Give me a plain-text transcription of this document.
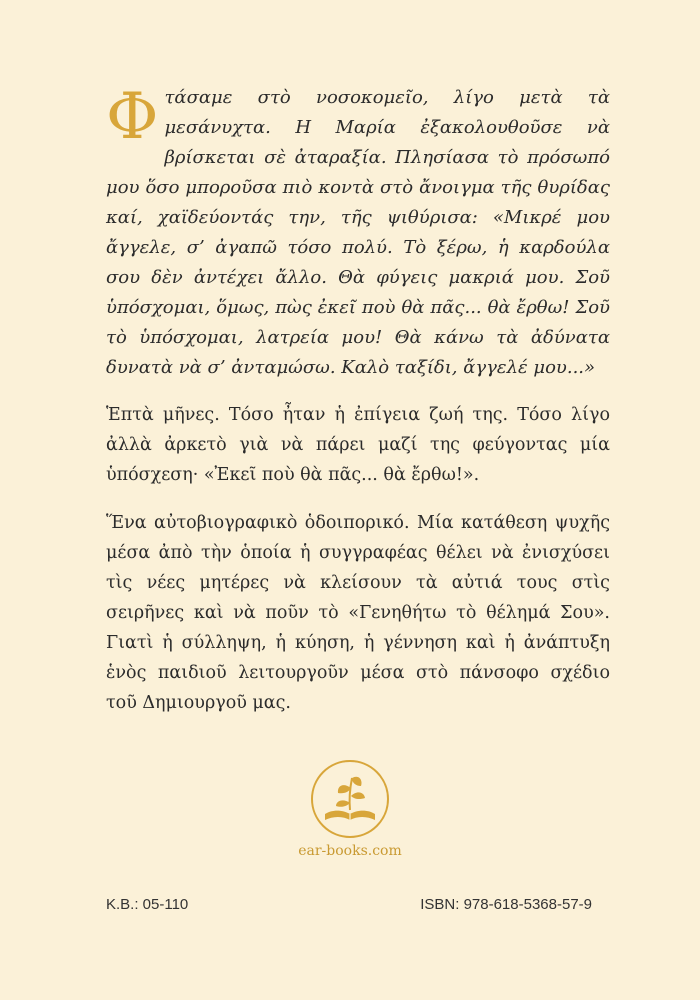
Φτάσαμε στὸ νοσοκομεῖο, λίγο μετὰ τὰ μεσάνυχτα. Η Μαρία ἐξακολουθοῦσε νὰ βρίσκεται σὲ ἀταραξία. Πλησίασα τὸ πρόσωπό μου ὅσο μποροῦσα πιὸ κοντὰ στὸ ἄνοιγμα τῆς θυρίδας καί, χαϊδεύοντάς την, τῆς ψιθύρισα: «Μικρέ μου ἄγγελε, σ’ ἀγαπῶ τόσο πολύ. Τὸ ξέρω, ἡ καρδούλα σου δὲν ἀντέχει ἄλλο. Θὰ φύγεις μακριά μου. Σοῦ ὑπόσχομαι, ὅμως, πὼς ἐκεῖ ποὺ θὰ πᾶς... θὰ ἔρθω! Σοῦ τὸ ὑπόσχομαι, λατρεία μου! Θὰ κάνω τὰ ἀδύνατα δυνατὰ νὰ σ’ ἀνταμώσω. Καλὸ ταξίδι, ἄγγελέ μου...»
Ἑπτὰ μῆνες. Τόσο ἦταν ἡ ἐπίγεια ζωή της. Τόσο λίγο ἀλλὰ ἀρκετὸ γιὰ νὰ πάρει μαζί της φεύγοντας μία ὑπόσχεση· «Ἐκεῖ ποὺ θὰ πᾶς... θὰ ἔρθω!».
Ἕνα αὐτοβιογραφικὸ ὁδοιπορικό. Μία κατάθεση ψυχῆς μέσα ἀπὸ τὴν ὁποία ἡ συγγραφέας θέλει νὰ ἐνισχύσει τὶς νέες μητέρες νὰ κλείσουν τὰ αὐτιά τους στὶς σειρῆνες καὶ νὰ ποῦν τὸ «Γενηθήτω τὸ θέλημά Σου». Γιατὶ ἡ σύλληψη, ἡ κύηση, ἡ γέννηση καὶ ἡ ἀνάπτυξη ἑνὸς παιδιοῦ λειτουργοῦν μέσα στὸ πάνσοφο σχέδιο τοῦ Δημιουργοῦ μας.
ear-books.com
Κ.Β.: 05-110	ISBN: 978-618-5368-57-9
